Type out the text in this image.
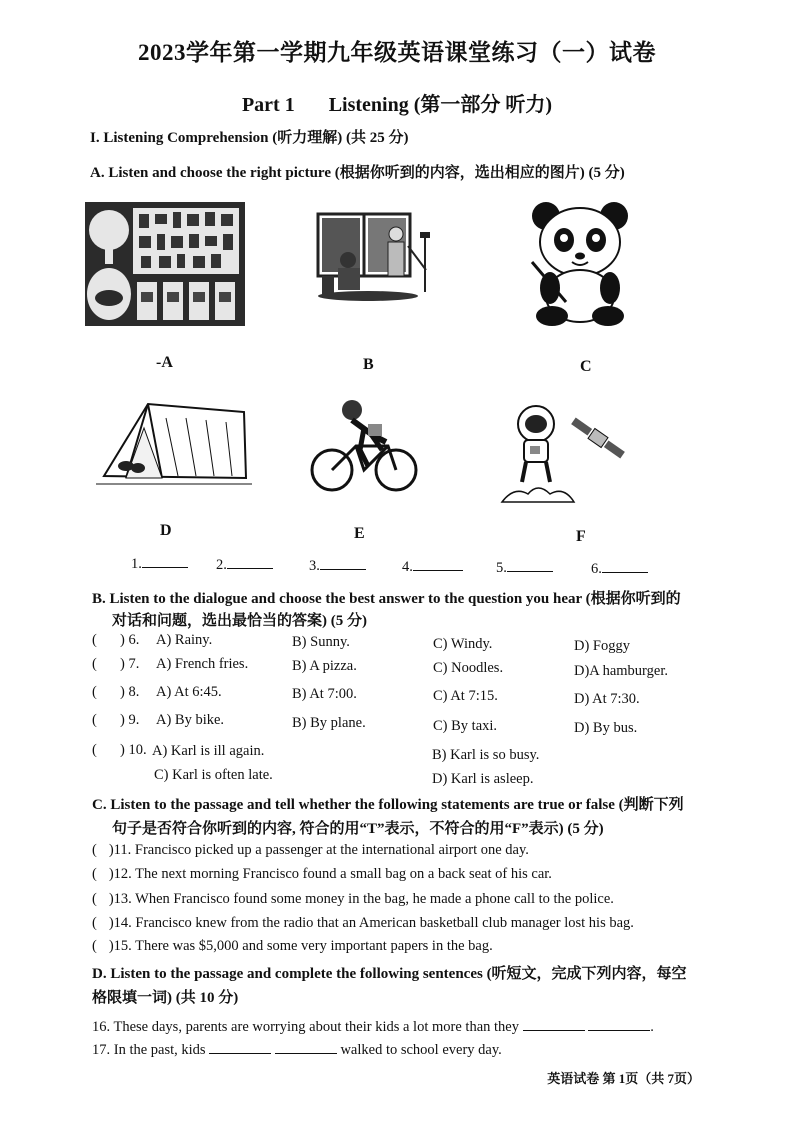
2023学年第一学期九年级英语课堂练习（一）试卷
Part 1 Listening (第一部分 听力)
I. Listening Comprehension (听力理解) (共 25 分)
A. Listen and choose the right picture (根据你听到的内容，选出相应的图片) (5 分)
-A	B	C
D	E	F
1.	2.	3.	4.	5.	6.
B. Listen to the dialogue and choose the best answer to the question you hear (根据你听到的
对话和问题，选出最恰当的答案) (5 分)
( ) 6. A) Rainy.	B) Sunny.	C) Windy.	D) Foggy
( ) 7. A) French fries.	B) A pizza.	C) Noodles.	D)A hamburger.
( ) 8. A) At 6:45.	B) At 7:00.	C) At 7:15.	D) At 7:30.
( ) 9. A) By bike.	B) By plane.	C) By taxi.	D) By bus.
( ) 10. A) Karl is ill again.	B) Karl is so busy.
C) Karl is often late.	D) Karl is asleep.
C. Listen to the passage and tell whether the following statements are true or false (判断下列
句子是否符合你听到的内容, 符合的用“T”表示，不符合的用“F”表示) (5 分)
( )11. Francisco picked up a passenger at the international airport one day.
( )12. The next morning Francisco found a small bag on a back seat of his car.
( )13. When Francisco found some money in the bag, he made a phone call to the police.
( )14. Francisco knew from the radio that an American basketball club manager lost his bag.
( )15. There was $5,000 and some very important papers in the bag.
D. Listen to the passage and complete the following sentences (听短文，完成下列内容，每空
格限填一词) (共 10 分)
16. These days, parents are worrying about their kids a lot more than they	.
17. In the past, kids	walked to school every day.
英语试卷 第 1页（共 7页）
